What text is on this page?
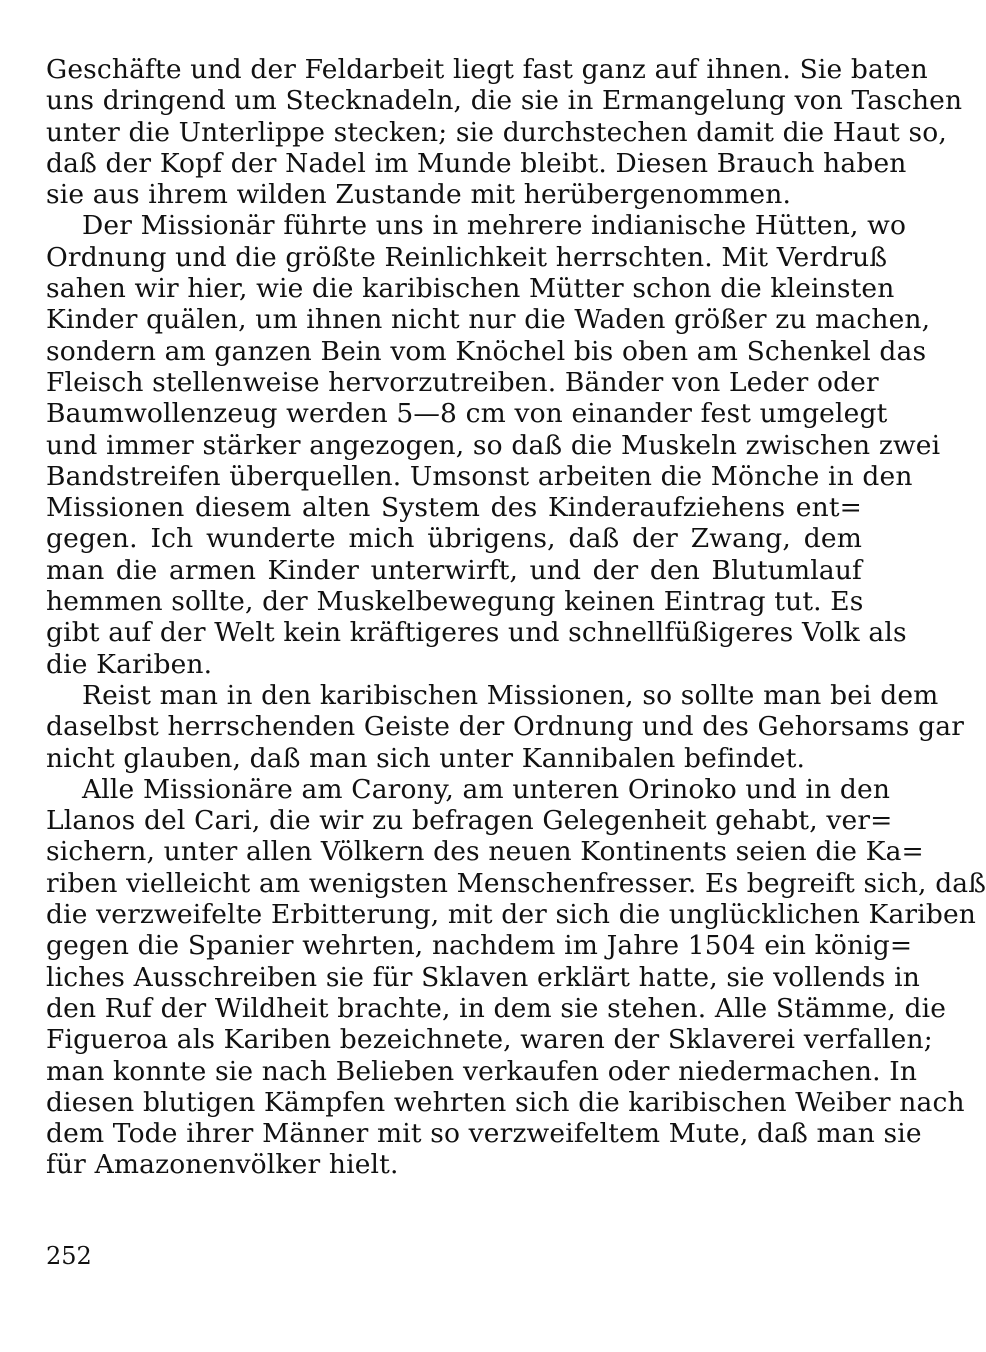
Geschäfte und der Feldarbeit liegt fast ganz auf ihnen. Sie baten
uns dringend um Stecknadeln, die sie in Ermangelung von Taschen
unter die Unterlippe stecken; sie durchstechen damit die Haut so,
daß der Kopf der Nadel im Munde bleibt. Diesen Brauch haben
sie aus ihrem wilden Zustande mit herübergenommen.
Der Missionär führte uns in mehrere indianische Hütten, wo
Ordnung und die größte Reinlichkeit herrschten. Mit Verdruß
sahen wir hier, wie die karibischen Mütter schon die kleinsten
Kinder quälen, um ihnen nicht nur die Waden größer zu machen,
sondern am ganzen Bein vom Knöchel bis oben am Schenkel das
Fleisch stellenweise hervorzutreiben. Bänder von Leder oder
Baumwollenzeug werden 5—8 cm von einander fest umgelegt
und immer stärker angezogen, so daß die Muskeln zwischen zwei
Bandstreifen überquellen. Umsonst arbeiten die Mönche in den
Missionen diesem alten System des Kinderaufziehens ent=
gegen. Ich wunderte mich übrigens, daß der Zwang, dem
man die armen Kinder unterwirft, und der den Blutumlauf
hemmen sollte, der Muskelbewegung keinen Eintrag tut. Es
gibt auf der Welt kein kräftigeres und schnellfüßigeres Volk als
die Kariben.
Reist man in den karibischen Missionen, so sollte man bei dem
daselbst herrschenden Geiste der Ordnung und des Gehorsams gar
nicht glauben, daß man sich unter Kannibalen befindet.
Alle Missionäre am Carony, am unteren Orinoko und in den
Llanos del Cari, die wir zu befragen Gelegenheit gehabt, ver=
sichern, unter allen Völkern des neuen Kontinents seien die Ka=
riben vielleicht am wenigsten Menschenfresser. Es begreift sich, daß
die verzweifelte Erbitterung, mit der sich die unglücklichen Kariben
gegen die Spanier wehrten, nachdem im Jahre 1504 ein könig=
liches Ausschreiben sie für Sklaven erklärt hatte, sie vollends in
den Ruf der Wildheit brachte, in dem sie stehen. Alle Stämme, die
Figueroa als Kariben bezeichnete, waren der Sklaverei verfallen;
man konnte sie nach Belieben verkaufen oder niedermachen. In
diesen blutigen Kämpfen wehrten sich die karibischen Weiber nach
dem Tode ihrer Männer mit so verzweifeltem Mute, daß man sie
für Amazonenvölker hielt.
252
